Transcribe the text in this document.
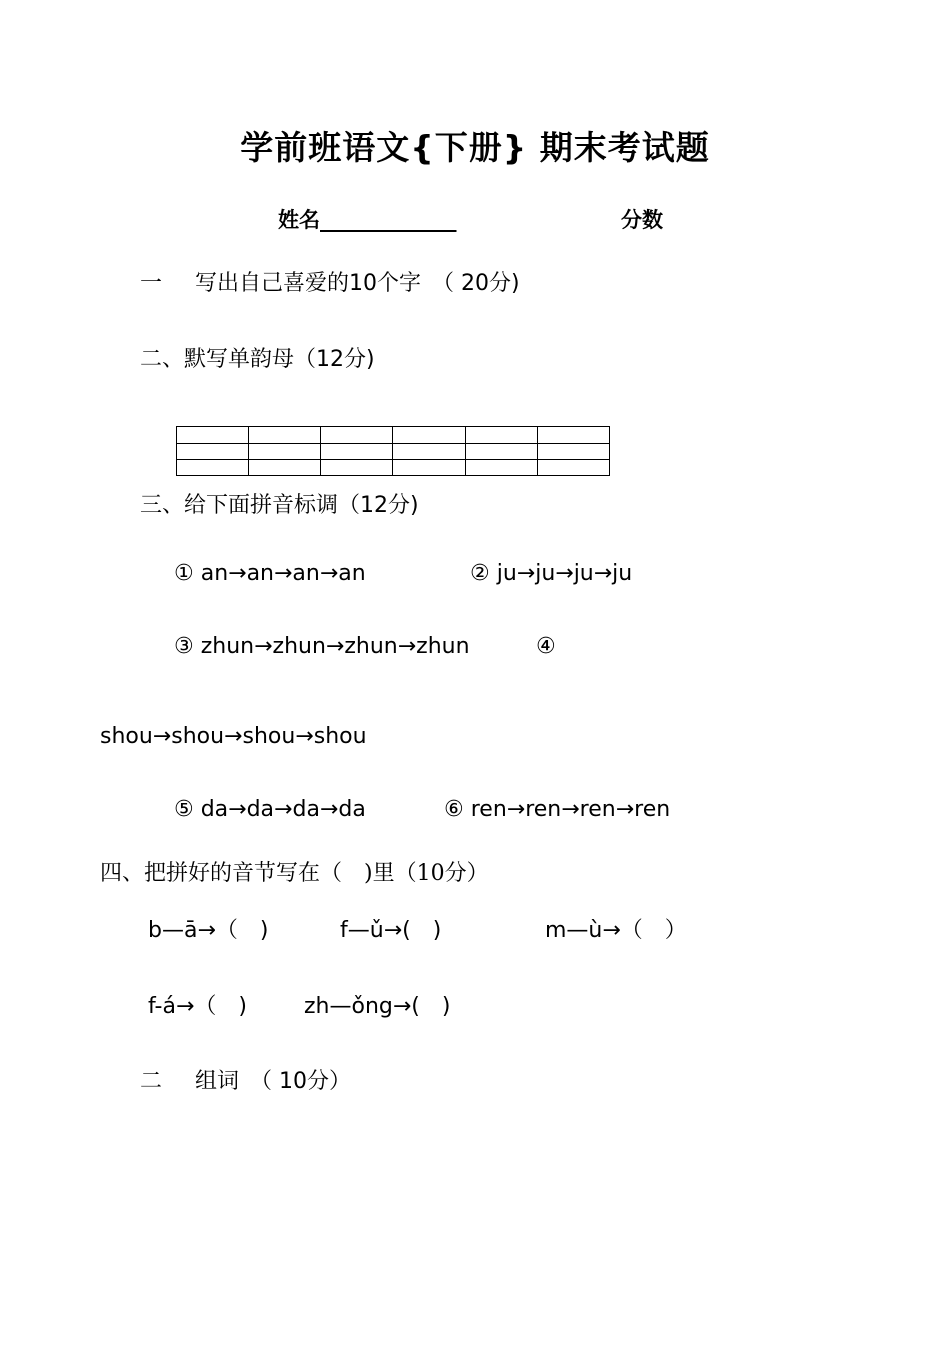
学前班语文{下册} 期末考试题
姓名_____________	分数
一 写出自己喜爱的10个字　（ 20分)
二、默写单韵母（12分)

三、给下面拼音标调（12分)
① an→an→an→an	② ju→ju→ju→ju
③ zhun→zhun→zhun→zhun	④
shou→shou→shou→shou
⑤ da→da→da→da	⑥ ren→ren→ren→ren
四、把拼好的音节写在（　)里（10分）
b—ā→（　)	f—ǔ→(　)	m—ù→（　）
f-á→（　)	zh—ǒng→(　)
二 组词　（ 10分）
